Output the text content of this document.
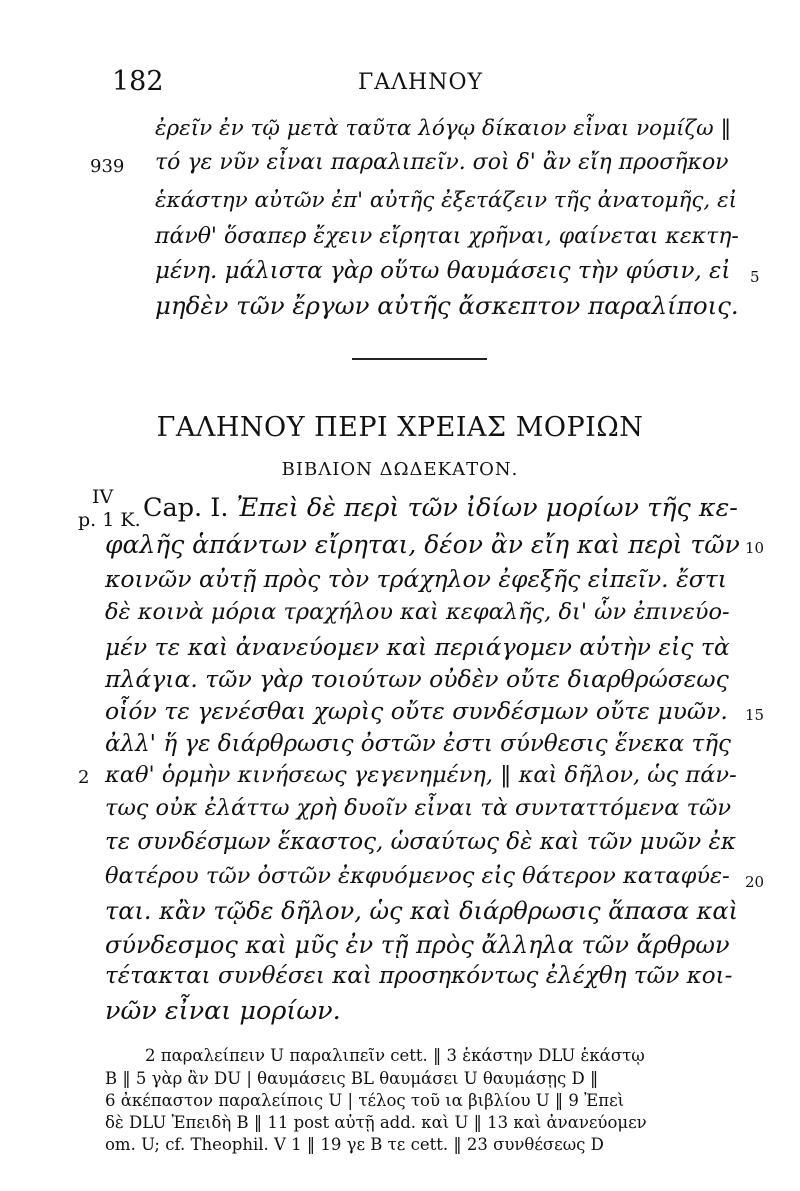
182	ΓΑΛΗΝΟΥ
ἐρεῖν ἐν τῷ μετὰ ταῦτα λόγῳ δίκαιον εἶναι νομίζω ‖
939 τό γε νῦν εἶναι παραλιπεῖν. σοὶ δ' ἂν εἴη προσῆκον
ἑκάστην αὐτῶν ἐπ' αὐτῆς ἐξετάζειν τῆς ἀνατομῆς, εἰ
πάνθ' ὅσαπερ ἔχειν εἴρηται χρῆναι, φαίνεται κεκτη-
μένη. μάλιστα γὰρ οὕτω θαυμάσεις τὴν φύσιν, εἰ 5
μηδὲν τῶν ἔργων αὐτῆς ἄσκεπτον παραλίποις.
ΓΑΛΗΝΟΥ ΠΕΡΙ ΧΡΕΙΑΣ ΜΟΡΙΩΝ
ΒΙΒΛΙΟΝ ΔΩΔΕΚΑΤΟΝ.
IV
p. 1 K. Cap. I. Ἐπεὶ δὲ περὶ τῶν ἰδίων μορίων τῆς κε-
φαλῆς ἁπάντων εἴρηται, δέον ἂν εἴη καὶ περὶ τῶν 10
κοινῶν αὐτῇ πρὸς τὸν τράχηλον ἐφεξῆς εἰπεῖν. ἔστι
δὲ κοινὰ μόρια τραχήλου καὶ κεφαλῆς, δι' ὧν ἐπινεύο-
μέν τε καὶ ἀνανεύομεν καὶ περιάγομεν αὐτὴν εἰς τὰ
πλάγια. τῶν γὰρ τοιούτων οὐδὲν οὔτε διαρθρώσεως
οἷόν τε γενέσθαι χωρὶς οὔτε συνδέσμων οὔτε μυῶν. 15
ἀλλ' ἥ γε διάρθρωσις ὀστῶν ἐστι σύνθεσις ἕνεκα τῆς
2 καθ' ὁρμὴν κινήσεως γεγενημένη, ‖ καὶ δῆλον, ὡς πάν-
τως οὐκ ἐλάττω χρὴ δυοῖν εἶναι τὰ συνταττόμενα τῶν
τε συνδέσμων ἕκαστος, ὡσαύτως δὲ καὶ τῶν μυῶν ἐκ
θατέρου τῶν ὀστῶν ἐκφυόμενος εἰς θάτερον καταφύε- 20
ται. κἂν τῷδε δῆλον, ὡς καὶ διάρθρωσις ἅπασα καὶ
σύνδεσμος καὶ μῦς ἐν τῇ πρὸς ἄλληλα τῶν ἄρθρων
τέτακται συνθέσει καὶ προσηκόντως ἐλέχθη τῶν κοι-
νῶν εἶναι μορίων.
2 παραλείπειν U παραλιπεῖν cett. ‖ 3 ἑκάστην DLU ἑκάστῳ
B ‖ 5 γὰρ ἂν DU | θαυμάσεις BL θαυμάσει U θαυμάσῃς D ‖
6 ἀκέπαστον παραλείποις U | τέλος τοῦ ια βιβλίου U ‖ 9 Ἐπεὶ
δὲ DLU Ἐπειδὴ B ‖ 11 post αὐτῇ add. καὶ U ‖ 13 καὶ ἀνανεύομεν
om. U; cf. Theophil. V 1 ‖ 19 γε B τε cett. ‖ 23 συνθέσεως D
